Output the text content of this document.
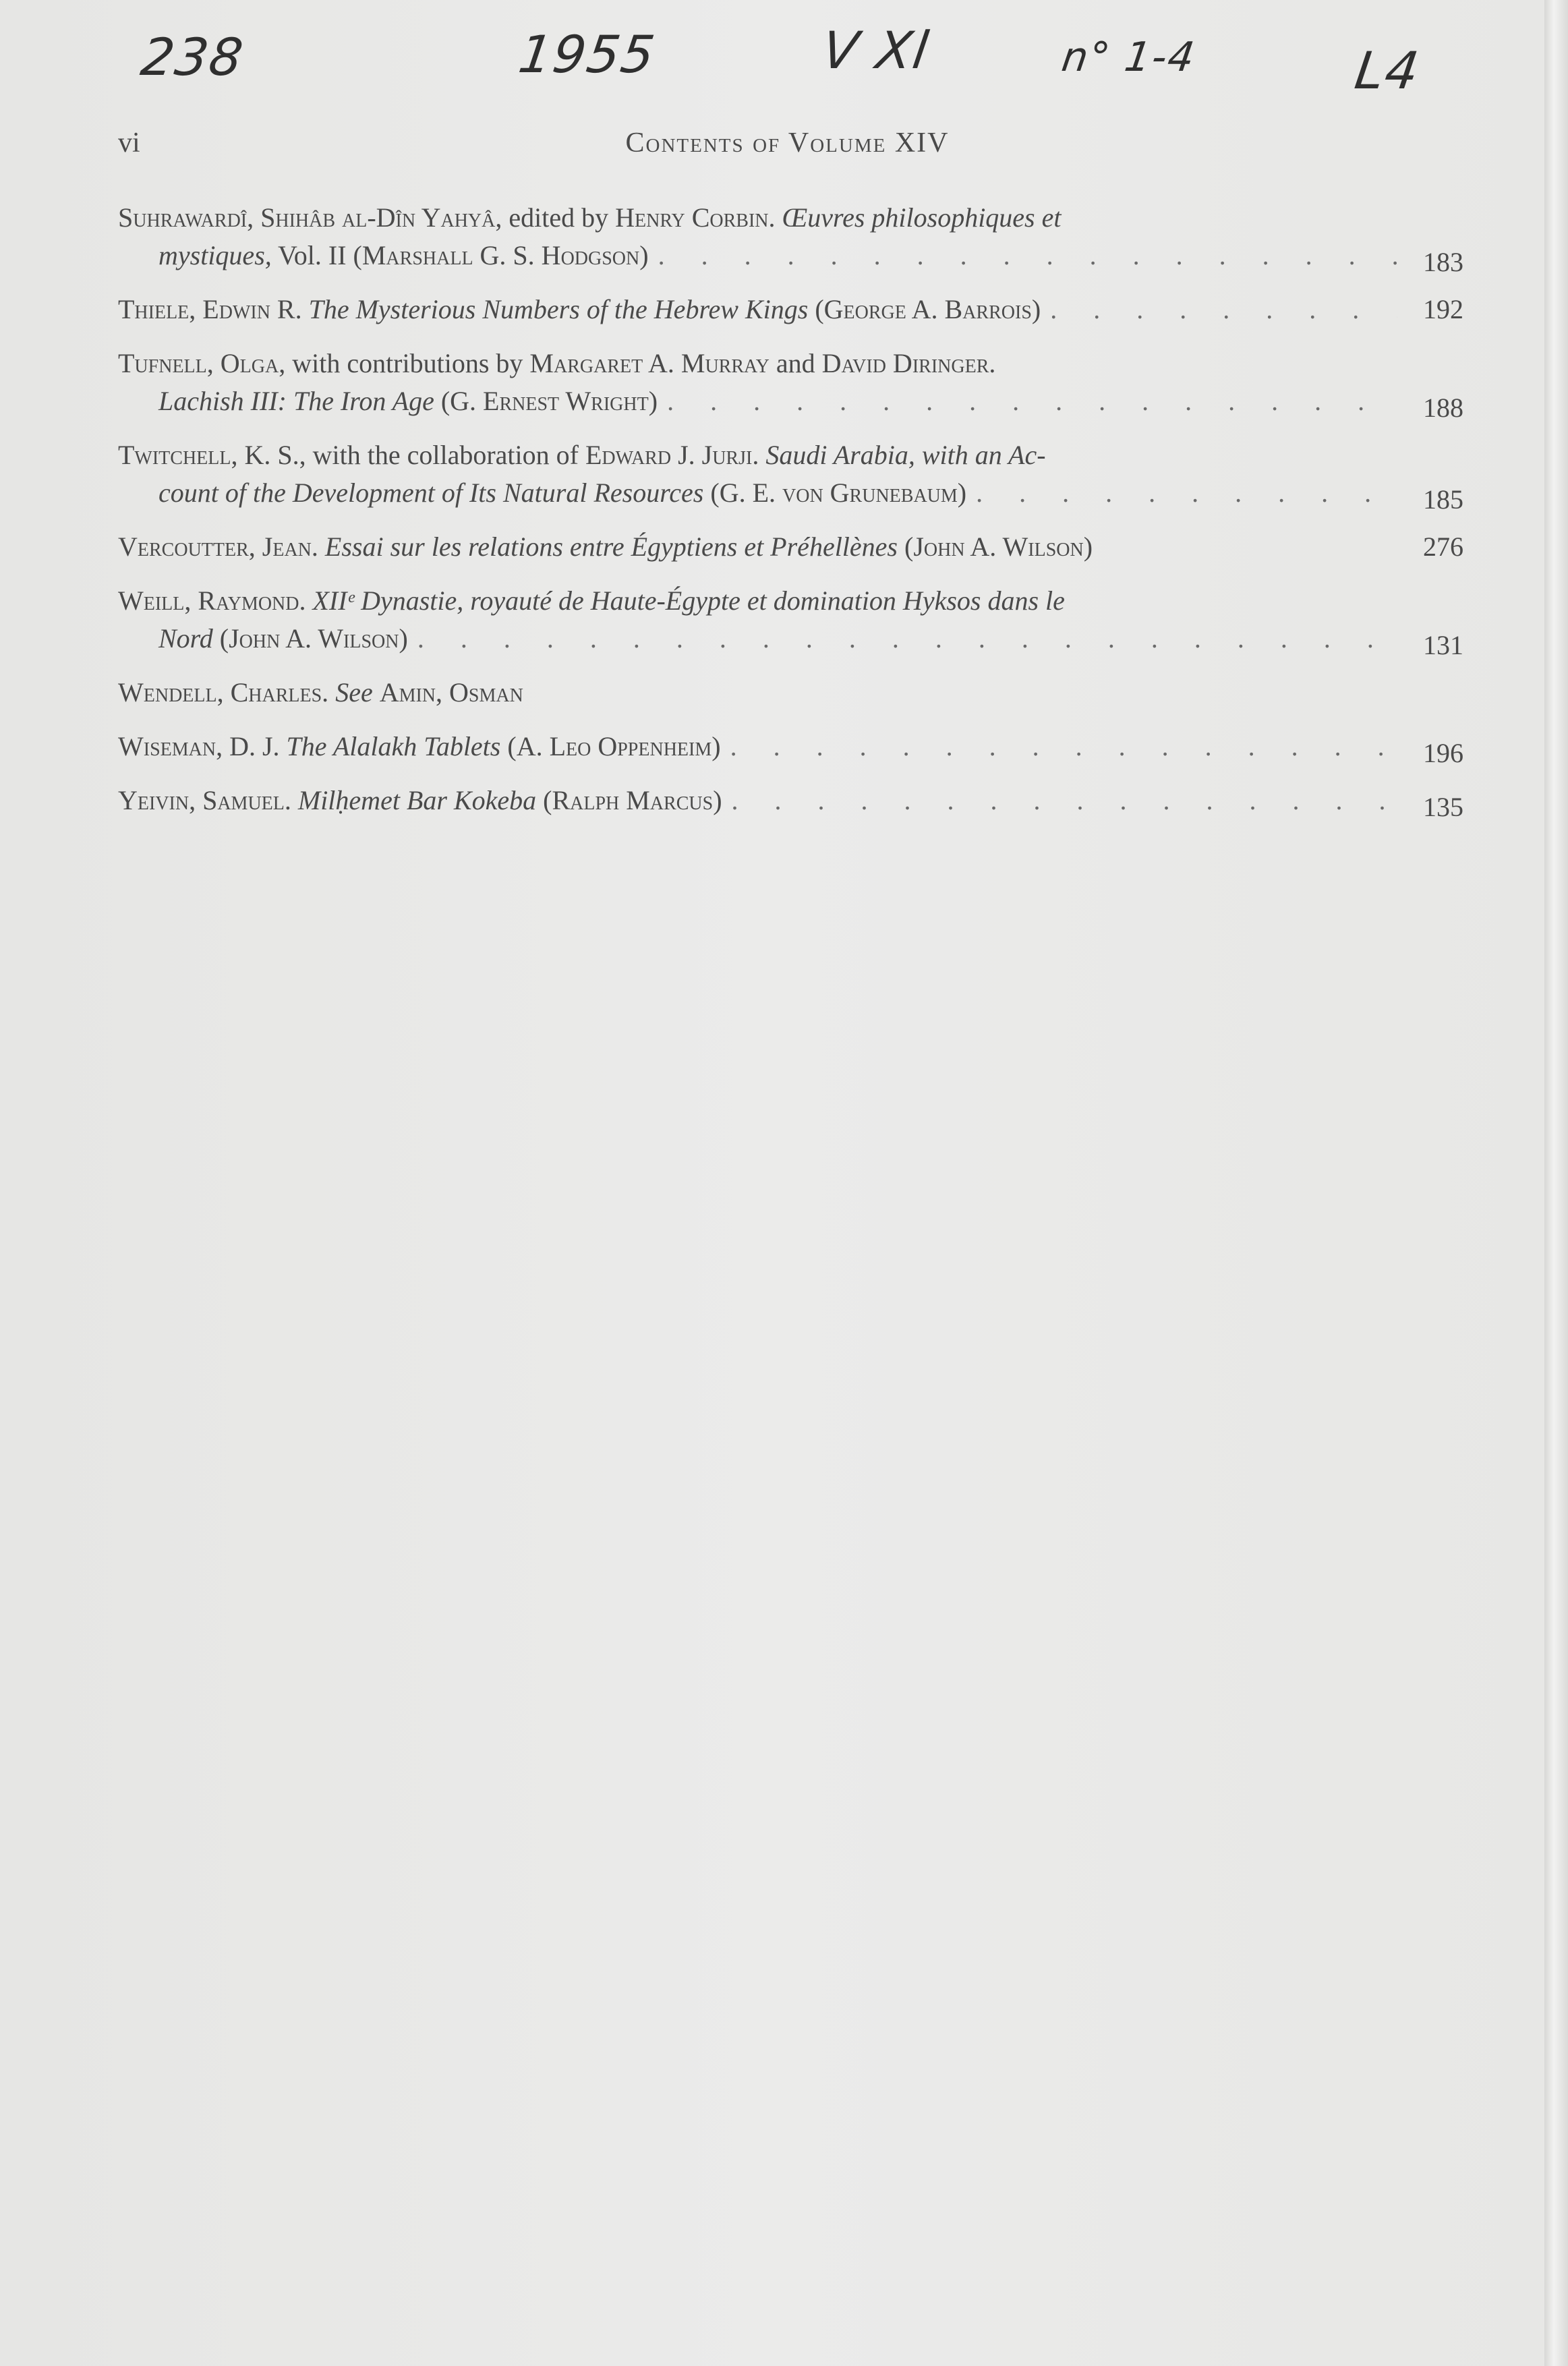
238	1955	V Xl	n° 1-4	L4
vi	Contents of Volume XIV
Suhrawardî, Shihâb al-Dîn Yahyâ, edited by Henry Corbin. Œuvres philosophiques et
mystiques, Vol. II (Marshall G. S. Hodgson) . . .	183
Thiele, Edwin R. The Mysterious Numbers of the Hebrew Kings (George A. Barrois) . . .	192
Tufnell, Olga, with contributions by Margaret A. Murray and David Diringer.
Lachish III: The Iron Age (G. Ernest Wright) . . .	188
Twitchell, K. S., with the collaboration of Edward J. Jurji. Saudi Arabia, with an Ac-
count of the Development of Its Natural Resources (G. E. von Grunebaum) . . .	185
Vercoutter, Jean. Essai sur les relations entre Égyptiens et Préhellènes (John A. Wilson)	276
Weill, Raymond. XIIᵉ Dynastie, royauté de Haute-Égypte et domination Hyksos dans le
Nord (John A. Wilson) . . .	131
Wendell, Charles. See Amin, Osman
Wiseman, D. J. The Alalakh Tablets (A. Leo Oppenheim) . . .	196
Yeivin, Samuel. Milḥemet Bar Kokeba (Ralph Marcus) . . .	135
